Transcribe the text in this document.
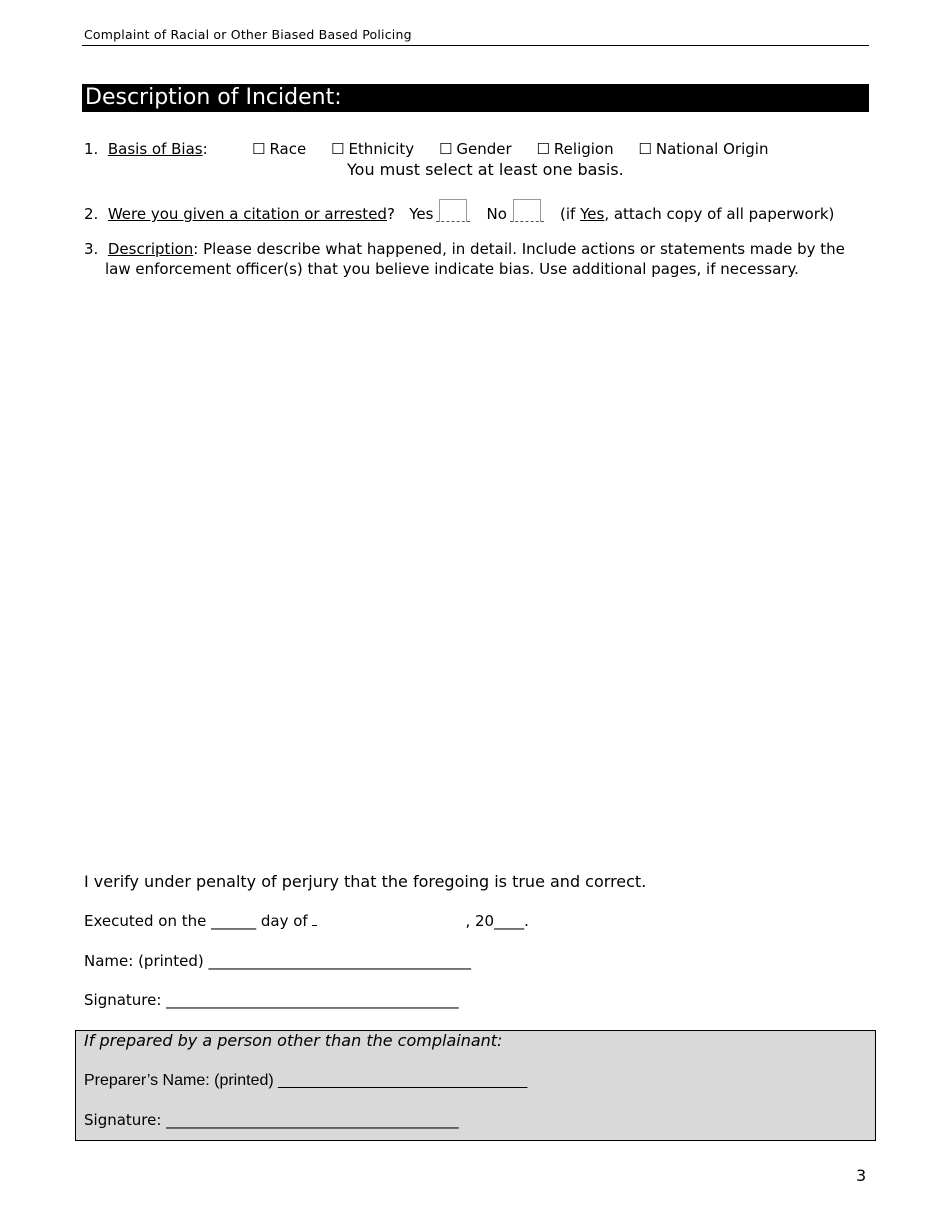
Complaint of Racial or Other Biased Based Policing
Description of Incident:
1. Basis of Bias:	☐ Race ☐ Ethnicity ☐ Gender ☐ Religion ☐ National Origin
You must select at least one basis.
2. Were you given a citation or arrested? Yes	No	(if Yes, attach copy of all paperwork)
3. Description: Please describe what happened, in detail. Include actions or statements made by the
law enforcement officer(s) that you believe indicate bias. Use additional pages, if necessary.
I verify under penalty of perjury that the foregoing is true and correct.
Executed on the ______ day of	, 20____.
Name: (printed) ___________________________________
Signature: _______________________________________
If prepared by a person other than the complainant:
Preparer’s Name: (printed) ____________________________
Signature: _______________________________________
3
